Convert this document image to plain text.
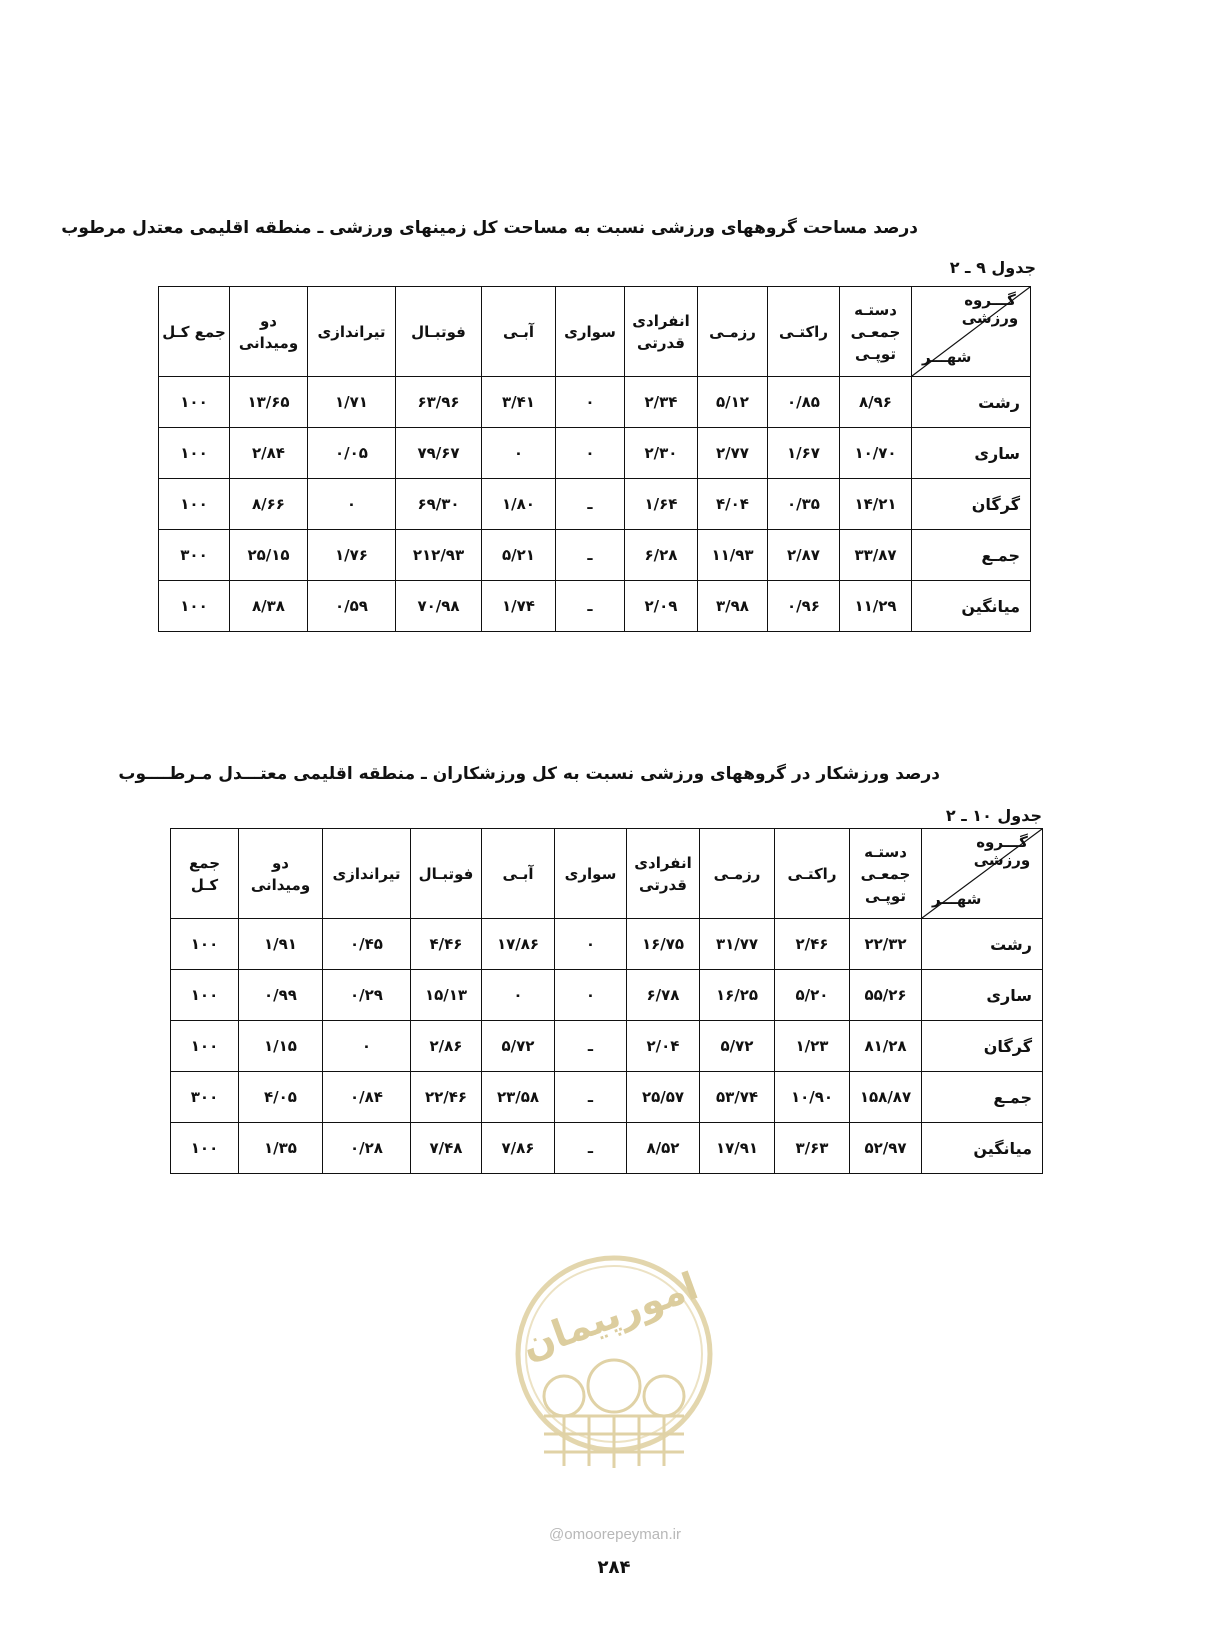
درصد مساحت گروههای ورزشی نسبت به مساحت کل زمینهای ورزشی ـ منطقه اقلیمی معتدل مرطوب
جدول ۹ ـ ۲
گـــروه ورزشی
شهـــر	دستـه جمعـی توپـی	راکتـی	رزمـی	انفرادی قدرتی	سواری	آبـی	فوتبـال	تیراندازی	دو ومیدانی	جمع کـل
رشت	۸/۹۶	۰/۸۵	۵/۱۲	۲/۳۴	۰	۳/۴۱	۶۳/۹۶	۱/۷۱	۱۳/۶۵	۱۰۰
ساری	۱۰/۷۰	۱/۶۷	۲/۷۷	۲/۳۰	۰	۰	۷۹/۶۷	۰/۰۵	۲/۸۴	۱۰۰
گرگان	۱۴/۲۱	۰/۳۵	۴/۰۴	۱/۶۴	ـ	۱/۸۰	۶۹/۳۰	۰	۸/۶۶	۱۰۰
جمـع	۳۳/۸۷	۲/۸۷	۱۱/۹۳	۶/۲۸	ـ	۵/۲۱	۲۱۲/۹۳	۱/۷۶	۲۵/۱۵	۳۰۰
میانگین	۱۱/۲۹	۰/۹۶	۳/۹۸	۲/۰۹	ـ	۱/۷۴	۷۰/۹۸	۰/۵۹	۸/۳۸	۱۰۰
درصد ورزشکار در گروههای ورزشی نسبت به کل ورزشکاران ـ منطقه اقلیمی معتـــدل مـرطــــوب
جدول ۱۰ ـ ۲
گـــروه ورزشی
شهـــر	دستـه جمعـی توپـی	راکتـی	رزمـی	انفرادی قدرتی	سواری	آبـی	فوتبـال	تیراندازی	دو ومیدانی	جمع کـل
رشت	۲۲/۳۲	۲/۴۶	۳۱/۷۷	۱۶/۷۵	۰	۱۷/۸۶	۴/۴۶	۰/۴۵	۱/۹۱	۱۰۰
ساری	۵۵/۲۶	۵/۲۰	۱۶/۲۵	۶/۷۸	۰	۰	۱۵/۱۳	۰/۲۹	۰/۹۹	۱۰۰
گرگان	۸۱/۲۸	۱/۲۳	۵/۷۲	۲/۰۴	ـ	۵/۷۲	۲/۸۶	۰	۱/۱۵	۱۰۰
جمـع	۱۵۸/۸۷	۱۰/۹۰	۵۳/۷۴	۲۵/۵۷	ـ	۲۳/۵۸	۲۲/۴۶	۰/۸۴	۴/۰۵	۳۰۰
میانگین	۵۲/۹۷	۳/۶۳	۱۷/۹۱	۸/۵۲	ـ	۷/۸۶	۷/۴۸	۰/۲۸	۱/۳۵	۱۰۰
امورپیمان
@omoorepeyman.ir
۲۸۴
